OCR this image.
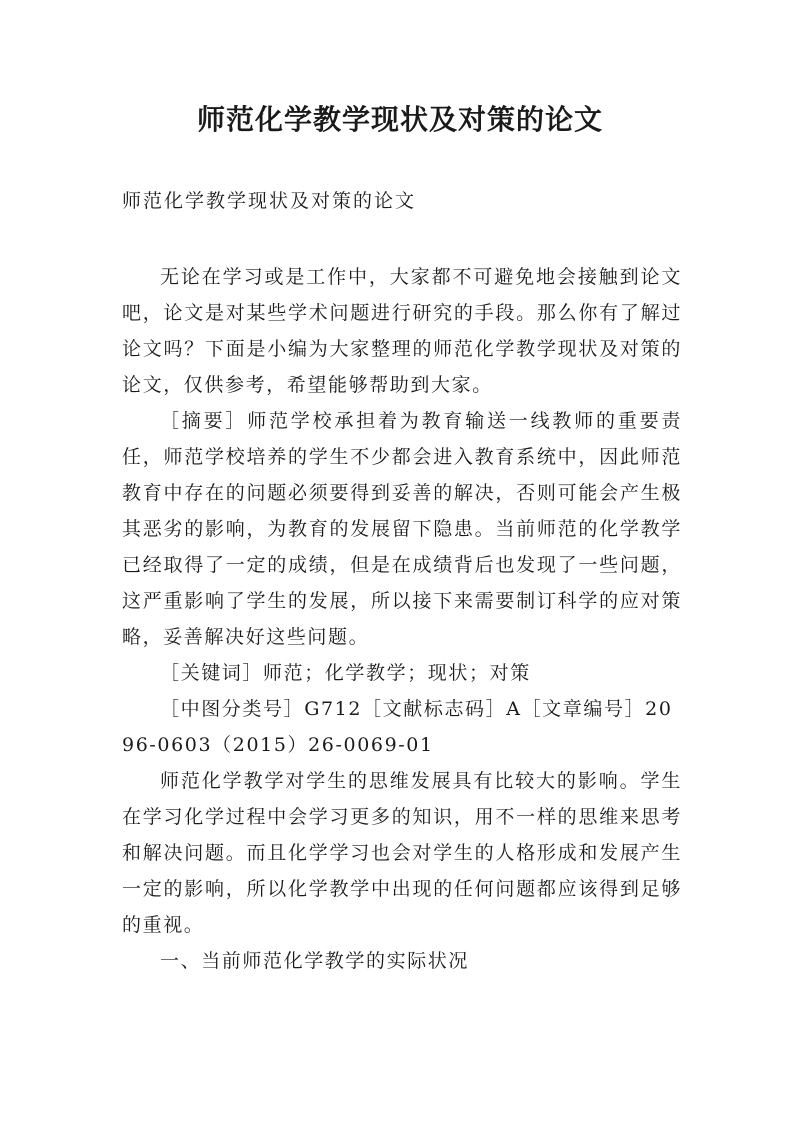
师范化学教学现状及对策的论文
师范化学教学现状及对策的论文

无论在学习或是工作中，大家都不可避免地会接触到论文吧，论文是对某些学术问题进行研究的手段。那么你有了解过论文吗？下面是小编为大家整理的师范化学教学现状及对策的论文，仅供参考，希望能够帮助到大家。

［摘要］师范学校承担着为教育输送一线教师的重要责任，师范学校培养的学生不少都会进入教育系统中，因此师范教育中存在的问题必须要得到妥善的解决，否则可能会产生极其恶劣的影响，为教育的发展留下隐患。当前师范的化学教学已经取得了一定的成绩，但是在成绩背后也发现了一些问题，这严重影响了学生的发展，所以接下来需要制订科学的应对策略，妥善解决好这些问题。

［关键词］师范；化学教学；现状；对策

［中图分类号］G712［文献标志码］A［文章编号］2096-0603（2015）26-0069-01

师范化学教学对学生的思维发展具有比较大的影响。学生在学习化学过程中会学习更多的知识，用不一样的思维来思考和解决问题。而且化学学习也会对学生的人格形成和发展产生一定的影响，所以化学教学中出现的任何问题都应该得到足够的重视。

一、当前师范化学教学的实际状况
